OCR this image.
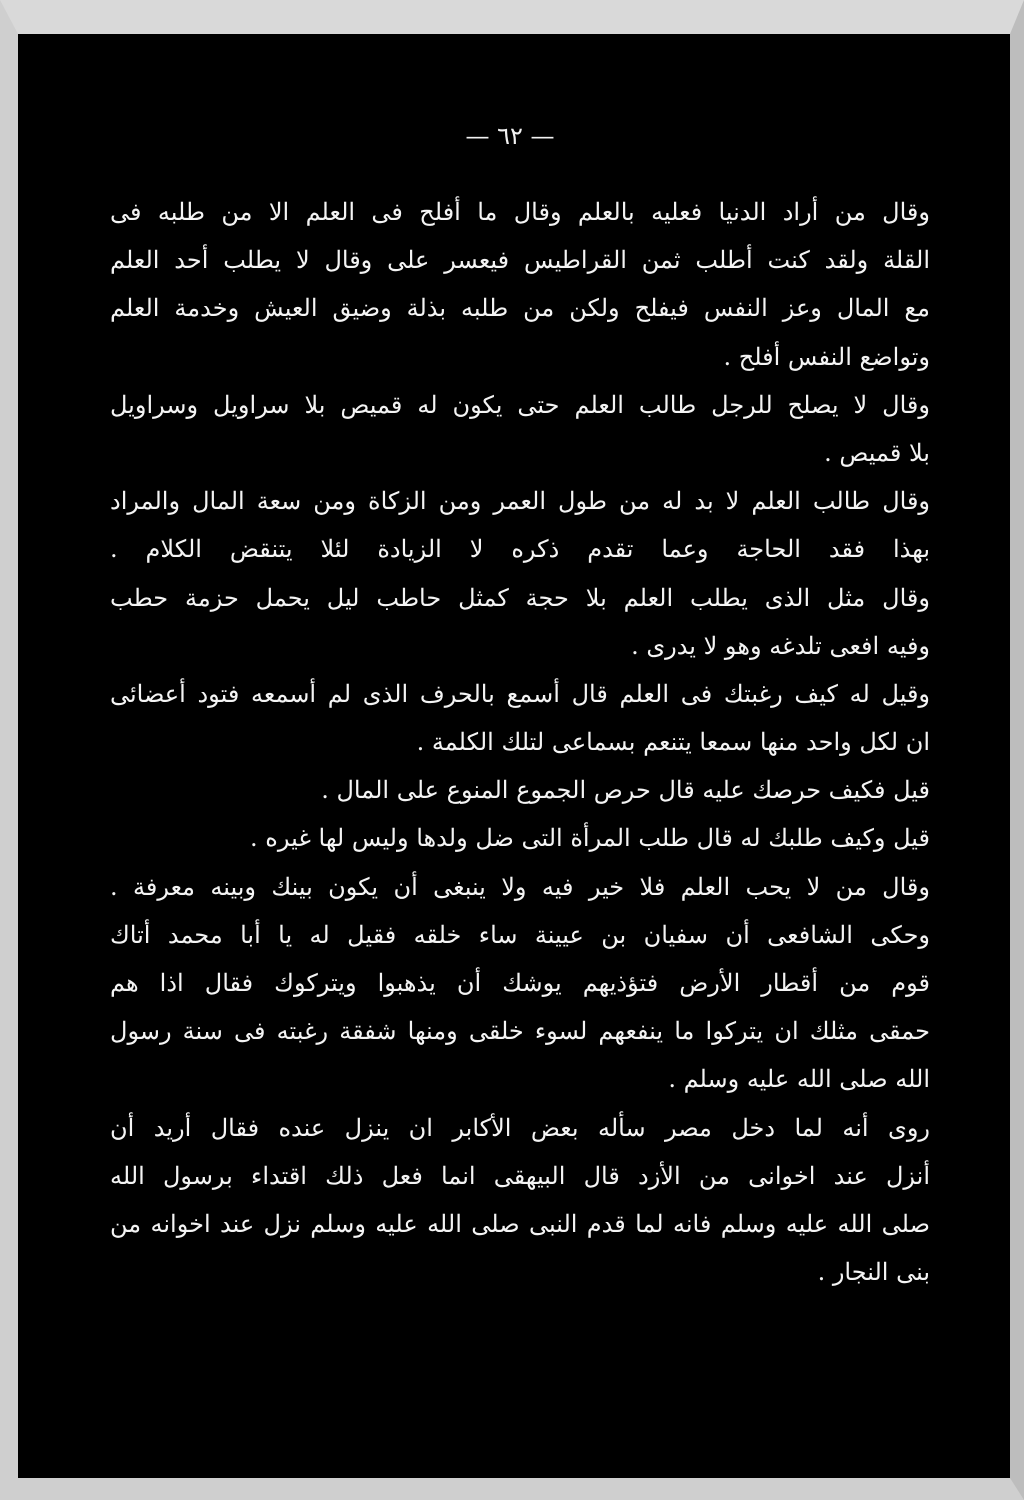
— ٦٢ —
وقال من أراد الدنيا فعليه بالعلم وقال ما أفلح فى العلم الا من طلبه فى
القلة ولقد كنت أطلب ثمن القراطيس فيعسر على وقال لا يطلب أحد العلم
مع المال وعز النفس فيفلح ولكن من طلبه بذلة وضيق العيش وخدمة العلم
وتواضع النفس أفلح .
وقال لا يصلح للرجل طالب العلم حتى يكون له قميص بلا سراويل وسراويل
بلا قميص .
وقال طالب العلم لا بد له من طول العمر ومن الزكاة ومن سعة المال والمراد
بهذا فقد الحاجة وعما تقدم ذكره لا الزيادة لئلا يتنقض الكلام .
وقال مثل الذى يطلب العلم بلا حجة كمثل حاطب ليل يحمل حزمة حطب
وفيه افعى تلدغه وهو لا يدرى .
وقيل له كيف رغبتك فى العلم قال أسمع بالحرف الذى لم أسمعه فتود أعضائى
ان لكل واحد منها سمعا يتنعم بسماعى لتلك الكلمة .
قيل فكيف حرصك عليه قال حرص الجموع المنوع على المال .
قيل وكيف طلبك له قال طلب المرأة التى ضل ولدها وليس لها غيره .
وقال من لا يحب العلم فلا خير فيه ولا ينبغى أن يكون بينك وبينه معرفة .
وحكى الشافعى أن سفيان بن عيينة ساء خلقه فقيل له يا أبا محمد أتاك
قوم من أقطار الأرض فتؤذيهم يوشك أن يذهبوا ويتركوك فقال اذا هم
حمقى مثلك ان يتركوا ما ينفعهم لسوء خلقى ومنها شفقة رغبته فى سنة رسول
الله صلى الله عليه وسلم .
روى أنه لما دخل مصر سأله بعض الأكابر ان ينزل عنده فقال أريد أن
أنزل عند اخوانى من الأزد قال البيهقى انما فعل ذلك اقتداء برسول الله
صلى الله عليه وسلم فانه لما قدم النبى صلى الله عليه وسلم نزل عند اخوانه من
بنى النجار .
